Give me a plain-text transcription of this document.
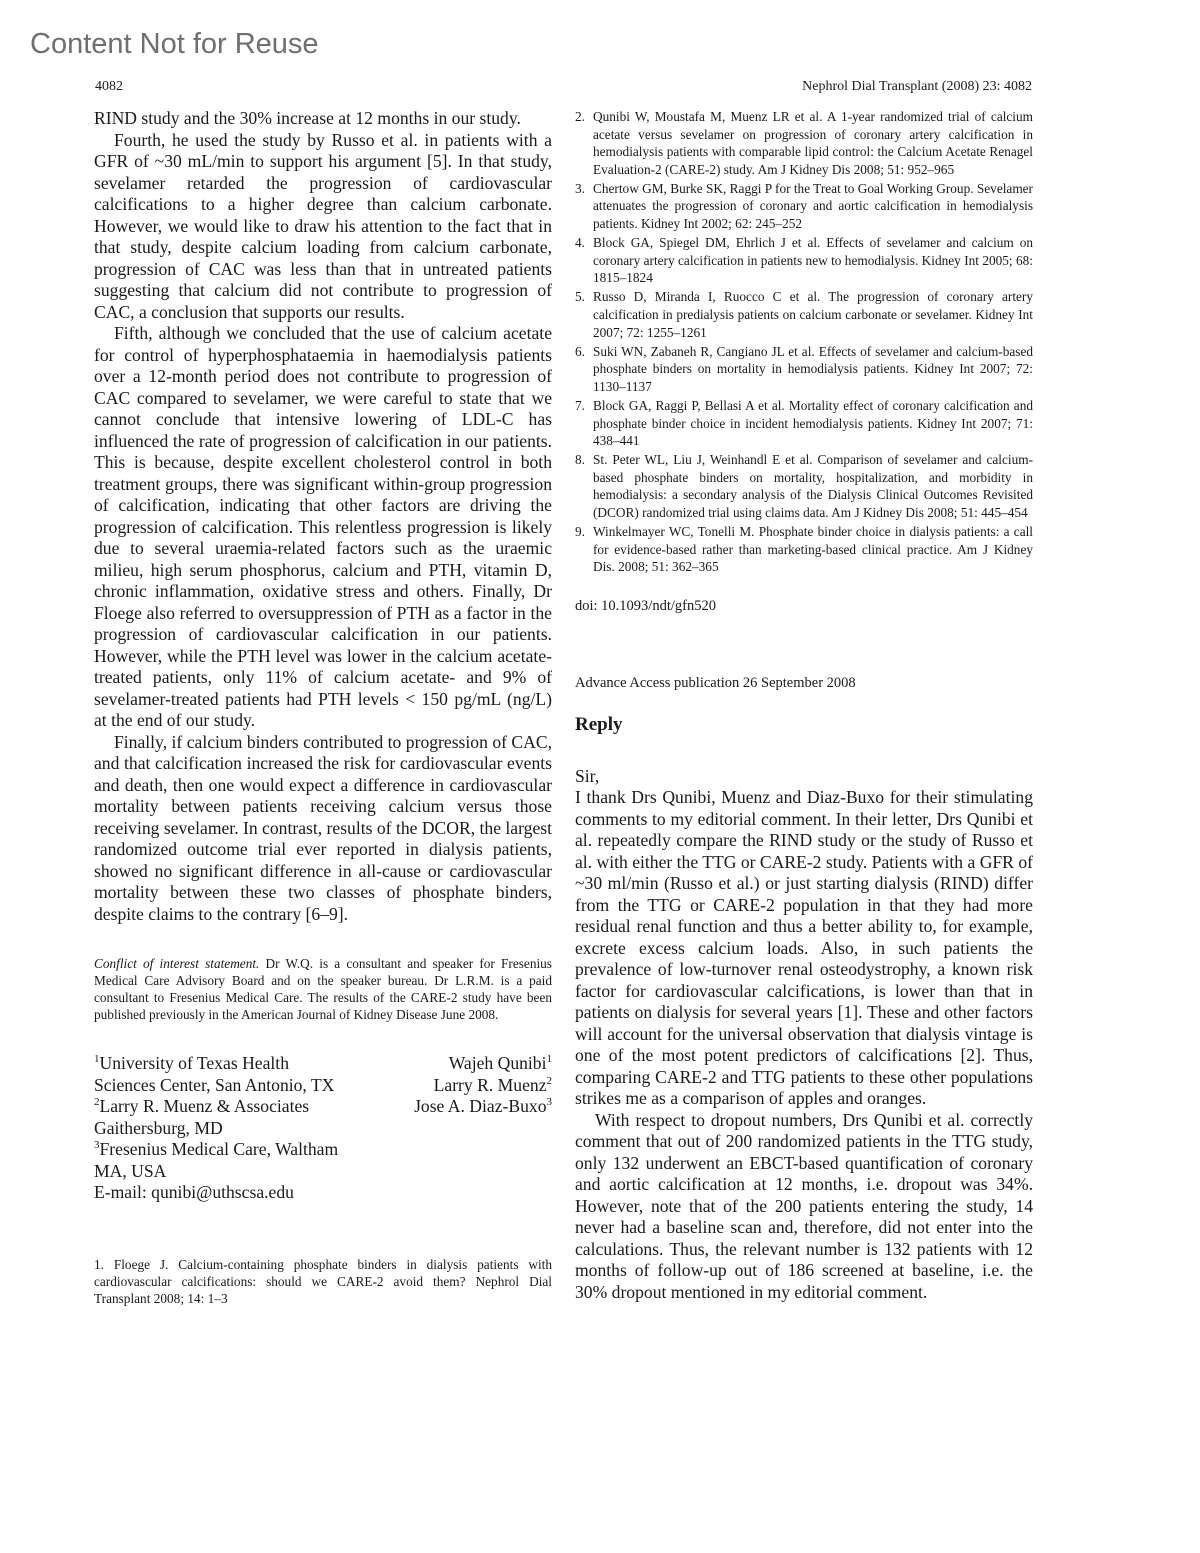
Content Not for Reuse
4082	Nephrol Dial Transplant (2008) 23: 4082

RIND study and the 30% increase at 12 months in our study.

Fourth, he used the study by Russo et al. in patients with a GFR of ~30 mL/min to support his argument [5]. In that study, sevelamer retarded the progression of cardiovascular calcifications to a higher degree than calcium carbonate. However, we would like to draw his attention to the fact that in that study, despite calcium loading from calcium carbonate, progression of CAC was less than that in untreated patients suggesting that calcium did not contribute to progression of CAC, a conclusion that supports our results.

Fifth, although we concluded that the use of calcium acetate for control of hyperphosphataemia in haemodialysis patients over a 12-month period does not contribute to progression of CAC compared to sevelamer, we were careful to state that we cannot conclude that intensive lowering of LDL-C has influenced the rate of progression of calcification in our patients. This is because, despite excellent cholesterol control in both treatment groups, there was significant within-group progression of calcification, indicating that other factors are driving the progression of calcification. This relentless progression is likely due to several uraemia-related factors such as the uraemic milieu, high serum phosphorus, calcium and PTH, vitamin D, chronic inflammation, oxidative stress and others. Finally, Dr Floege also referred to oversuppression of PTH as a factor in the progression of cardiovascular calcification in our patients. However, while the PTH level was lower in the calcium acetate-treated patients, only 11% of calcium acetate- and 9% of sevelamer-treated patients had PTH levels < 150 pg/mL (ng/L) at the end of our study.

Finally, if calcium binders contributed to progression of CAC, and that calcification increased the risk for cardiovascular events and death, then one would expect a difference in cardiovascular mortality between patients receiving calcium versus those receiving sevelamer. In contrast, results of the DCOR, the largest randomized outcome trial ever reported in dialysis patients, showed no significant difference in all-cause or cardiovascular mortality between these two classes of phosphate binders, despite claims to the contrary [6–9].

Conflict of interest statement. Dr W.Q. is a consultant and speaker for Fresenius Medical Care Advisory Board and on the speaker bureau. Dr L.R.M. is a paid consultant to Fresenius Medical Care. The results of the CARE-2 study have been published previously in the American Journal of Kidney Disease June 2008.
$^1$University of Texas Health
Sciences Center, San Antonio, TX
$^2$Larry R. Muenz & Associates
Gaithersburg, MD
$^3$Fresenius Medical Care, Waltham
MA, USA
E-mail: qunibi@uthscsa.edu
Wajeh Qunibi$^1$
Larry R. Muenz$^2$
Jose A. Diaz-Buxo$^3$
1. Floege J. Calcium-containing phosphate binders in dialysis patients with cardiovascular calcifications: should we CARE-2 avoid them? Nephrol Dial Transplant 2008; 14: 1–3
2. Qunibi W, Moustafa M, Muenz LR et al. A 1-year randomized trial of calcium acetate versus sevelamer on progression of coronary artery calcification in hemodialysis patients with comparable lipid control: the Calcium Acetate Renagel Evaluation-2 (CARE-2) study. Am J Kidney Dis 2008; 51: 952–965
3. Chertow GM, Burke SK, Raggi P for the Treat to Goal Working Group. Sevelamer attenuates the progression of coronary and aortic calcification in hemodialysis patients. Kidney Int 2002; 62: 245–252
4. Block GA, Spiegel DM, Ehrlich J et al. Effects of sevelamer and calcium on coronary artery calcification in patients new to hemodialysis. Kidney Int 2005; 68: 1815–1824
5. Russo D, Miranda I, Ruocco C et al. The progression of coronary artery calcification in predialysis patients on calcium carbonate or sevelamer. Kidney Int 2007; 72: 1255–1261
6. Suki WN, Zabaneh R, Cangiano JL et al. Effects of sevelamer and calcium-based phosphate binders on mortality in hemodialysis patients. Kidney Int 2007; 72: 1130–1137
7. Block GA, Raggi P, Bellasi A et al. Mortality effect of coronary calcification and phosphate binder choice in incident hemodialysis patients. Kidney Int 2007; 71: 438–441
8. St. Peter WL, Liu J, Weinhandl E et al. Comparison of sevelamer and calcium-based phosphate binders on mortality, hospitalization, and morbidity in hemodialysis: a secondary analysis of the Dialysis Clinical Outcomes Revisited (DCOR) randomized trial using claims data. Am J Kidney Dis 2008; 51: 445–454
9. Winkelmayer WC, Tonelli M. Phosphate binder choice in dialysis patients: a call for evidence-based rather than marketing-based clinical practice. Am J Kidney Dis. 2008; 51: 362–365
doi: 10.1093/ndt/gfn520
Advance Access publication 26 September 2008
Reply

Sir,

I thank Drs Qunibi, Muenz and Diaz-Buxo for their stimulating comments to my editorial comment. In their letter, Drs Qunibi et al. repeatedly compare the RIND study or the study of Russo et al. with either the TTG or CARE-2 study. Patients with a GFR of ~30 ml/min (Russo et al.) or just starting dialysis (RIND) differ from the TTG or CARE-2 population in that they had more residual renal function and thus a better ability to, for example, excrete excess calcium loads. Also, in such patients the prevalence of low-turnover renal osteodystrophy, a known risk factor for cardiovascular calcifications, is lower than that in patients on dialysis for several years [1]. These and other factors will account for the universal observation that dialysis vintage is one of the most potent predictors of calcifications [2]. Thus, comparing CARE-2 and TTG patients to these other populations strikes me as a comparison of apples and oranges.

With respect to dropout numbers, Drs Qunibi et al. correctly comment that out of 200 randomized patients in the TTG study, only 132 underwent an EBCT-based quantification of coronary and aortic calcification at 12 months, i.e. dropout was 34%. However, note that of the 200 patients entering the study, 14 never had a baseline scan and, therefore, did not enter into the calculations. Thus, the relevant number is 132 patients with 12 months of follow-up out of 186 screened at baseline, i.e. the 30% dropout mentioned in my editorial comment.
